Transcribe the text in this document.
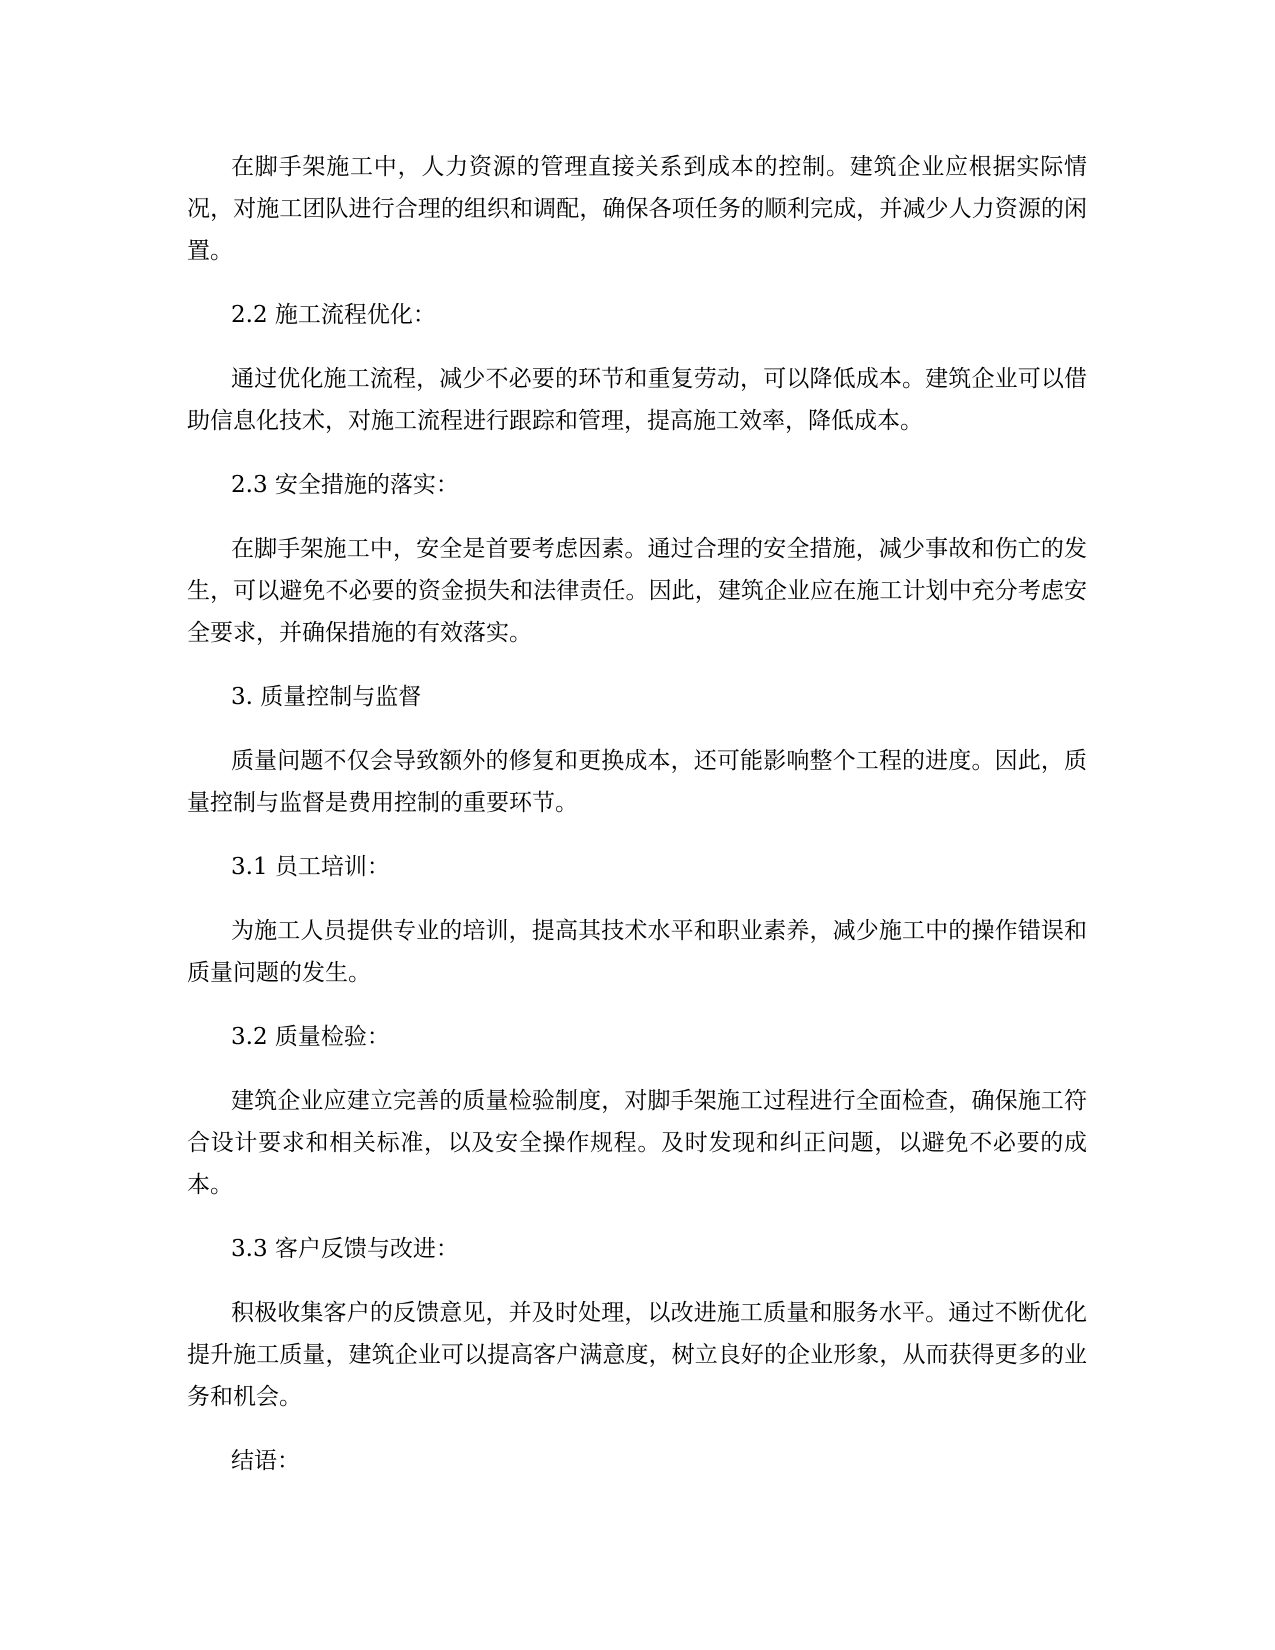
在脚手架施工中，人力资源的管理直接关系到成本的控制。建筑企业应根据实际情况，对施工团队进行合理的组织和调配，确保各项任务的顺利完成，并减少人力资源的闲置。

2.2 施工流程优化：

通过优化施工流程，减少不必要的环节和重复劳动，可以降低成本。建筑企业可以借助信息化技术，对施工流程进行跟踪和管理，提高施工效率，降低成本。

2.3 安全措施的落实：

在脚手架施工中，安全是首要考虑因素。通过合理的安全措施，减少事故和伤亡的发生，可以避免不必要的资金损失和法律责任。因此，建筑企业应在施工计划中充分考虑安全要求，并确保措施的有效落实。

3. 质量控制与监督

质量问题不仅会导致额外的修复和更换成本，还可能影响整个工程的进度。因此，质量控制与监督是费用控制的重要环节。

3.1 员工培训：

为施工人员提供专业的培训，提高其技术水平和职业素养，减少施工中的操作错误和质量问题的发生。

3.2 质量检验：

建筑企业应建立完善的质量检验制度，对脚手架施工过程进行全面检查，确保施工符合设计要求和相关标准，以及安全操作规程。及时发现和纠正问题，以避免不必要的成本。

3.3 客户反馈与改进：

积极收集客户的反馈意见，并及时处理，以改进施工质量和服务水平。通过不断优化提升施工质量，建筑企业可以提高客户满意度，树立良好的企业形象，从而获得更多的业务和机会。

结语：
